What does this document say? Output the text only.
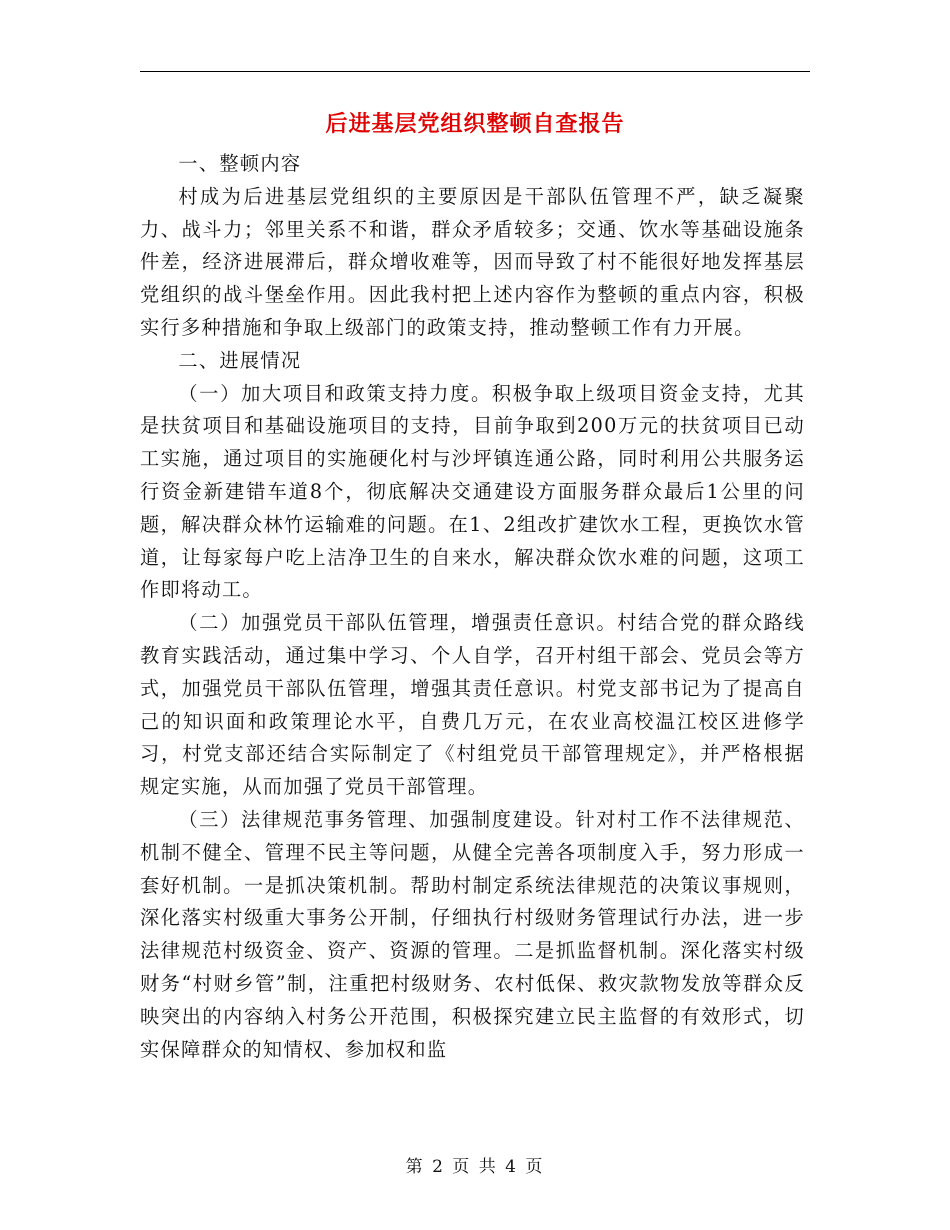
后进基层党组织整顿自查报告

一、整顿内容

村成为后进基层党组织的主要原因是干部队伍管理不严，缺乏凝聚力、战斗力；邻里关系不和谐，群众矛盾较多；交通、饮水等基础设施条件差，经济进展滞后，群众增收难等，因而导致了村不能很好地发挥基层党组织的战斗堡垒作用。因此我村把上述内容作为整顿的重点内容，积极实行多种措施和争取上级部门的政策支持，推动整顿工作有力开展。

二、进展情况

（一）加大项目和政策支持力度。积极争取上级项目资金支持，尤其是扶贫项目和基础设施项目的支持，目前争取到200万元的扶贫项目已动工实施，通过项目的实施硬化村与沙坪镇连通公路，同时利用公共服务运行资金新建错车道8个，彻底解决交通建设方面服务群众最后1公里的问题，解决群众林竹运输难的问题。在1、2组改扩建饮水工程，更换饮水管道，让每家每户吃上洁净卫生的自来水，解决群众饮水难的问题，这项工作即将动工。

（二）加强党员干部队伍管理，增强责任意识。村结合党的群众路线教育实践活动，通过集中学习、个人自学，召开村组干部会、党员会等方式，加强党员干部队伍管理，增强其责任意识。村党支部书记为了提高自己的知识面和政策理论水平，自费几万元，在农业高校温江校区进修学习，村党支部还结合实际制定了《村组党员干部管理规定》，并严格根据规定实施，从而加强了党员干部管理。

（三）法律规范事务管理、加强制度建设。针对村工作不法律规范、机制不健全、管理不民主等问题，从健全完善各项制度入手，努力形成一套好机制。一是抓决策机制。帮助村制定系统法律规范的决策议事规则，深化落实村级重大事务公开制，仔细执行村级财务管理试行办法，进一步法律规范村级资金、资产、资源的管理。二是抓监督机制。深化落实村级财务“村财乡管”制，注重把村级财务、农村低保、救灾款物发放等群众反映突出的内容纳入村务公开范围，积极探究建立民主监督的有效形式，切实保障群众的知情权、参加权和监

第 2 页 共 4 页
